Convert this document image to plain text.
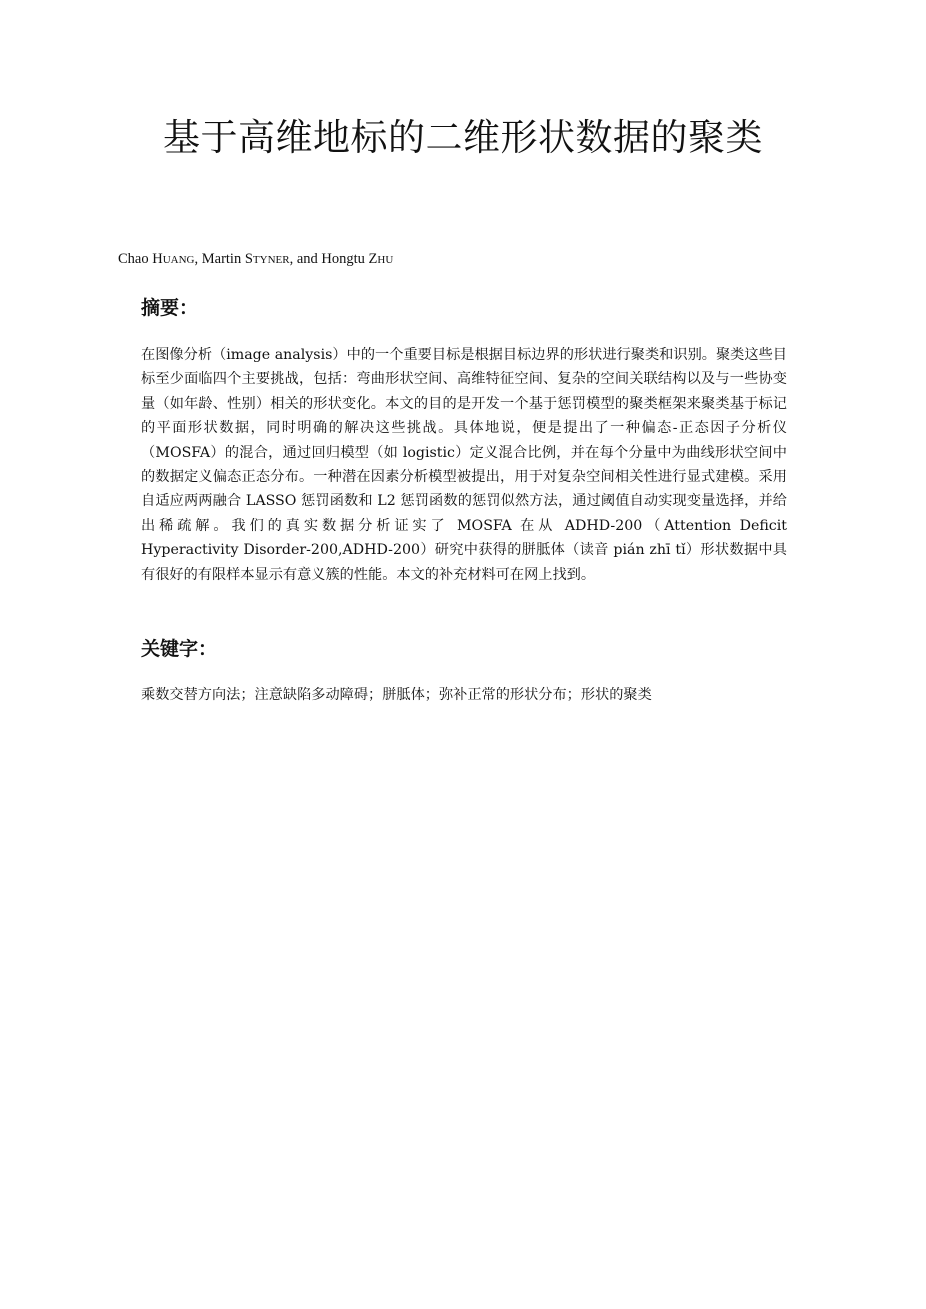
基于高维地标的二维形状数据的聚类
Chao HUANG, Martin STYNER, and Hongtu ZHU
摘要：

在图像分析（image analysis）中的一个重要目标是根据目标边界的形状进行聚类和识别。聚类这些目标至少面临四个主要挑战，包括：弯曲形状空间、高维特征空间、复杂的空间关联结构以及与一些协变量（如年龄、性别）相关的形状变化。本文的目的是开发一个基于惩罚模型的聚类框架来聚类基于标记的平面形状数据，同时明确的解决这些挑战。具体地说，便是提出了一种偏态-正态因子分析仪（MOSFA）的混合，通过回归模型（如 logistic）定义混合比例，并在每个分量中为曲线形状空间中的数据定义偏态正态分布。一种潜在因素分析模型被提出，用于对复杂空间相关性进行显式建模。采用自适应两两融合 LASSO 惩罚函数和 L2 惩罚函数的惩罚似然方法，通过阈值自动实现变量选择，并给出稀疏解。我们的真实数据分析证实了 MOSFA 在从 ADHD-200（Attention Deficit Hyperactivity Disorder-200,ADHD-200）研究中获得的胼胝体（读音 pián zhī tǐ）形状数据中具有很好的有限样本显示有意义簇的性能。本文的补充材料可在网上找到。

关键字：

乘数交替方向法；注意缺陷多动障碍；胼胝体；弥补正常的形状分布；形状的聚类
